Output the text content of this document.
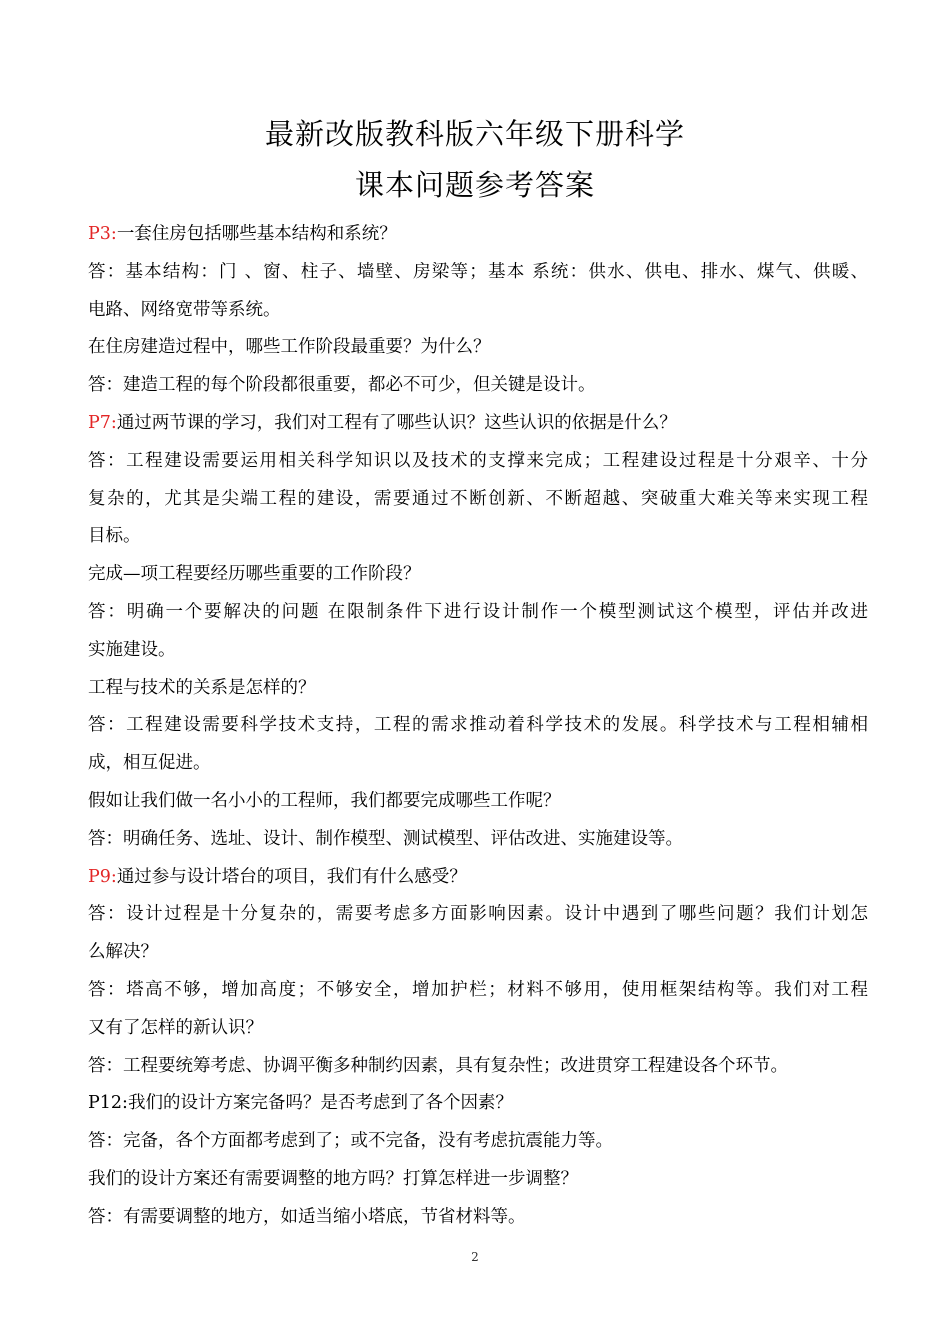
最新改版教科版六年级下册科学
课本问题参考答案
P3:一套住房包括哪些基本结构和系统？
答：基本结构：门 、窗、柱子、墙壁、房梁等；基本 系统：供水、供电、排水、煤气、供暖、
电路、网络宽带等系统。
在住房建造过程中，哪些工作阶段最重要？为什么？
答：建造工程的每个阶段都很重要，都必不可少，但关键是设计。
P7:通过两节课的学习，我们对工程有了哪些认识？这些认识的依据是什么？
答：工程建设需要运用相关科学知识以及技术的支撑来完成；工程建设过程是十分艰辛、十分
复杂的，尤其是尖端工程的建设，需要通过不断创新、不断超越、突破重大难关等来实现工程
目标。
完成—项工程要经历哪些重要的工作阶段？
答：明确一个要解决的问题 在限制条件下进行设计制作一个模型测试这个模型，评估并改进
实施建设。
工程与技术的关系是怎样的？
答：工程建设需要科学技术支持，工程的需求推动着科学技术的发展。科学技术与工程相辅相
成，相互促进。
假如让我们做一名小小的工程师，我们都要完成哪些工作呢？
答：明确任务、选址、设计、制作模型、测试模型、评估改进、实施建设等。
P9:通过参与设计塔台的项目，我们有什么感受？
答：设计过程是十分复杂的，需要考虑多方面影响因素。设计中遇到了哪些问题？我们计划怎
么解决？
答：塔高不够，增加高度；不够安全，增加护栏；材料不够用，使用框架结构等。我们对工程
又有了怎样的新认识？
答：工程要统筹考虑、协调平衡多种制约因素，具有复杂性；改进贯穿工程建设各个环节。
P12:我们的设计方案完备吗？是否考虑到了各个因素？
答：完备，各个方面都考虑到了；或不完备，没有考虑抗震能力等。
我们的设计方案还有需要调整的地方吗？打算怎样进一步调整？
答：有需要调整的地方，如适当缩小塔底，节省材料等。
2
